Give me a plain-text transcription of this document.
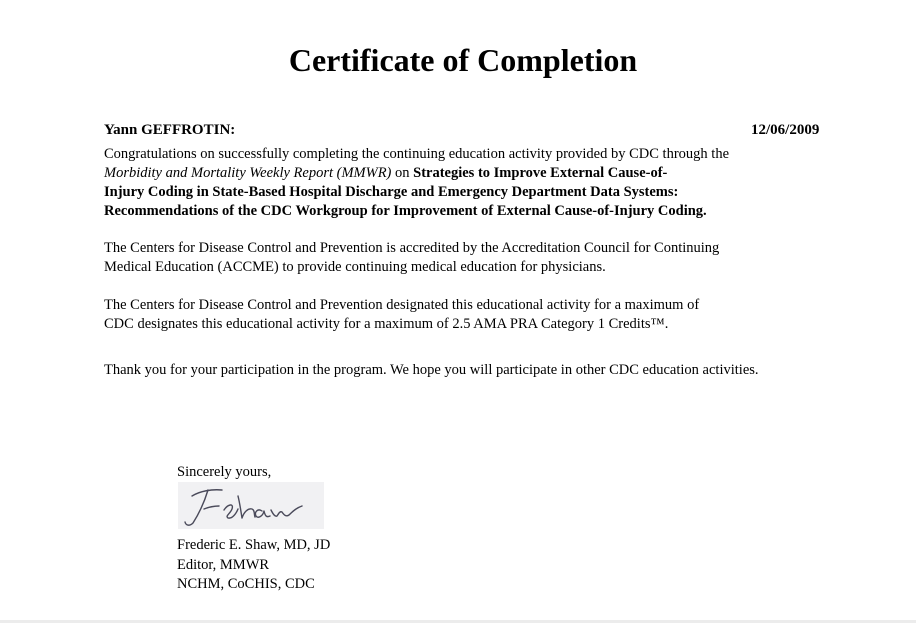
Certificate of Completion
Yann GEFFROTIN:	12/06/2009
Congratulations on successfully completing the continuing education activity provided by CDC through the
Morbidity and Mortality Weekly Report (MMWR) on Strategies to Improve External Cause-of-
Injury Coding in State-Based Hospital Discharge and Emergency Department Data Systems:
Recommendations of the CDC Workgroup for Improvement of External Cause-of-Injury Coding.
The Centers for Disease Control and Prevention is accredited by the Accreditation Council for Continuing
Medical Education (ACCME) to provide continuing medical education for physicians.
The Centers for Disease Control and Prevention designated this educational activity for a maximum of
CDC designates this educational activity for a maximum of 2.5 AMA PRA Category 1 Credits™.
Thank you for your participation in the program. We hope you will participate in other CDC education activities.
Sincerely yours,
Frederic E. Shaw, MD, JD
Editor, MMWR
NCHM, CoCHIS, CDC
